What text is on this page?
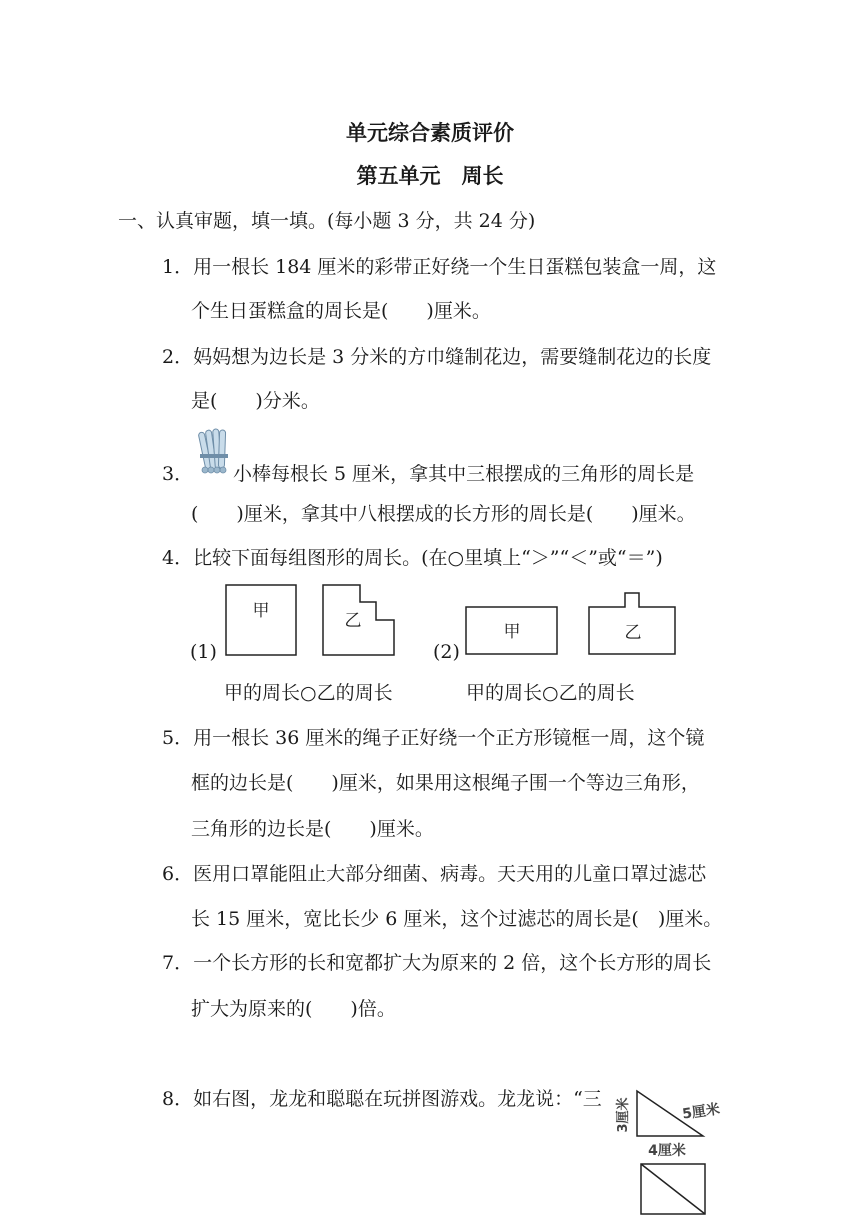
单元综合素质评价
第五单元　周长
一、认真审题，填一填。(每小题 3 分，共 24 分)
1．用一根长 184 厘米的彩带正好绕一个生日蛋糕包装盒一周，这
个生日蛋糕盒的周长是(　　)厘米。
2．妈妈想为边长是 3 分米的方巾缝制花边，需要缝制花边的长度
是(　　)分米。
3． 小棒每根长 5 厘米，拿其中三根摆成的三角形的周长是
(　　)厘米，拿其中八根摆成的长方形的周长是(　　)厘米。
4．比较下面每组图形的周长。(在○里填上“＞”“＜”或“＝”)
(1)
甲	乙
(2)
甲	乙
甲的周长○乙的周长	甲的周长○乙的周长
5．用一根长 36 厘米的绳子正好绕一个正方形镜框一周，这个镜
框的边长是(　　)厘米，如果用这根绳子围一个等边三角形，
三角形的边长是(　　)厘米。
6．医用口罩能阻止大部分细菌、病毒。天天用的儿童口罩过滤芯
长 15 厘米，宽比长少 6 厘米，这个过滤芯的周长是(　)厘米。
7．一个长方形的长和宽都扩大为原来的 2 倍，这个长方形的周长
扩大为原来的(　　)倍。
8．如右图，龙龙和聪聪在玩拼图游戏。龙龙说：“三 3厘米	5厘米
4厘米
